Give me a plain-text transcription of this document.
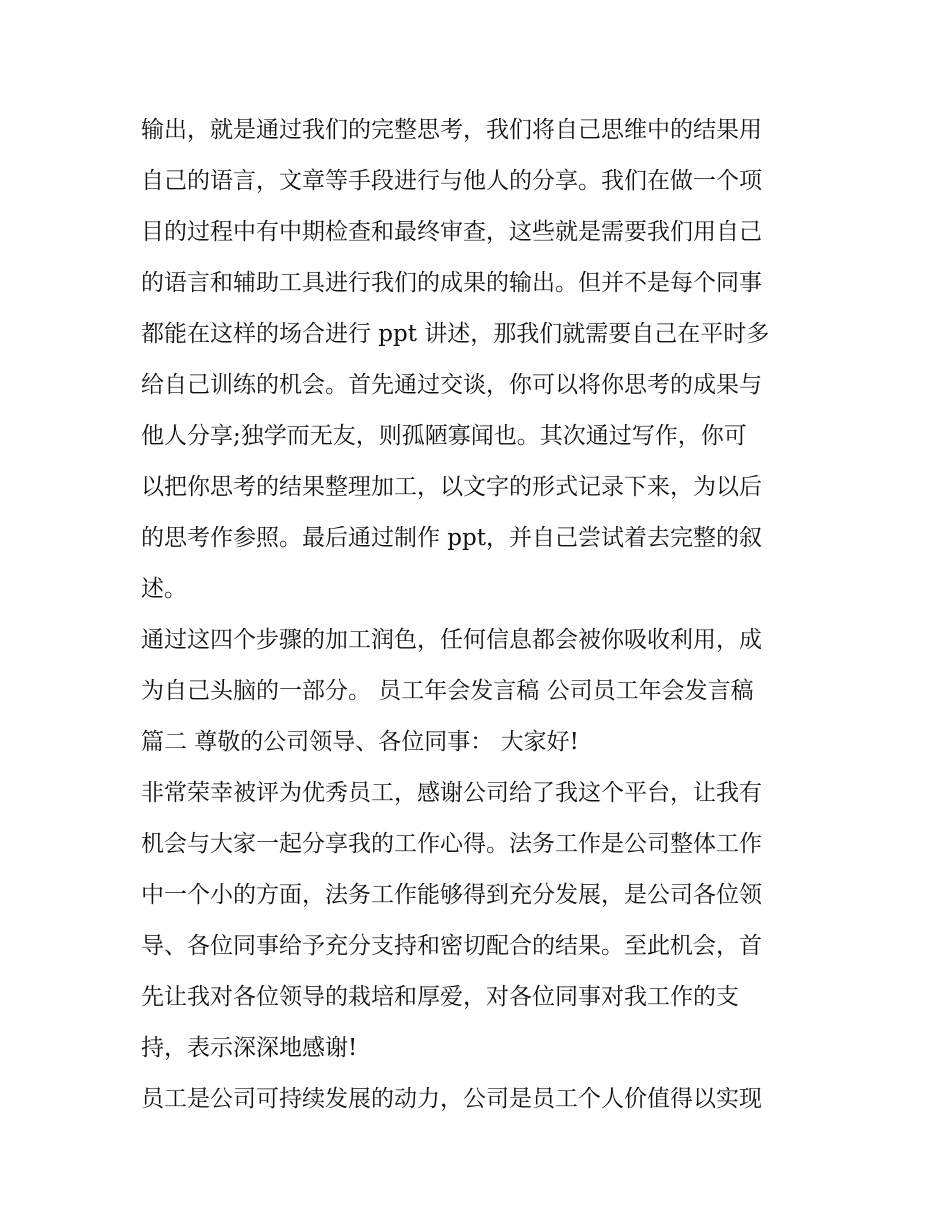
输出，就是通过我们的完整思考，我们将自己思维中的结果用
自己的语言，文章等手段进行与他人的分享。我们在做一个项
目的过程中有中期检查和最终审查，这些就是需要我们用自己
的语言和辅助工具进行我们的成果的输出。但并不是每个同事
都能在这样的场合进行 ppt 讲述，那我们就需要自己在平时多
给自己训练的机会。首先通过交谈，你可以将你思考的成果与
他人分享;独学而无友，则孤陋寡闻也。其次通过写作，你可
以把你思考的结果整理加工，以文字的形式记录下来，为以后
的思考作参照。最后通过制作 ppt，并自己尝试着去完整的叙
述。
通过这四个步骤的加工润色，任何信息都会被你吸收利用，成
为自己头脑的一部分。 员工年会发言稿 公司员工年会发言稿
篇二 尊敬的公司领导、各位同事： 大家好!
非常荣幸被评为优秀员工，感谢公司给了我这个平台，让我有
机会与大家一起分享我的工作心得。法务工作是公司整体工作
中一个小的方面，法务工作能够得到充分发展，是公司各位领
导、各位同事给予充分支持和密切配合的结果。至此机会，首
先让我对各位领导的栽培和厚爱，对各位同事对我工作的支
持，表示深深地感谢!
员工是公司可持续发展的动力，公司是员工个人价值得以实现
